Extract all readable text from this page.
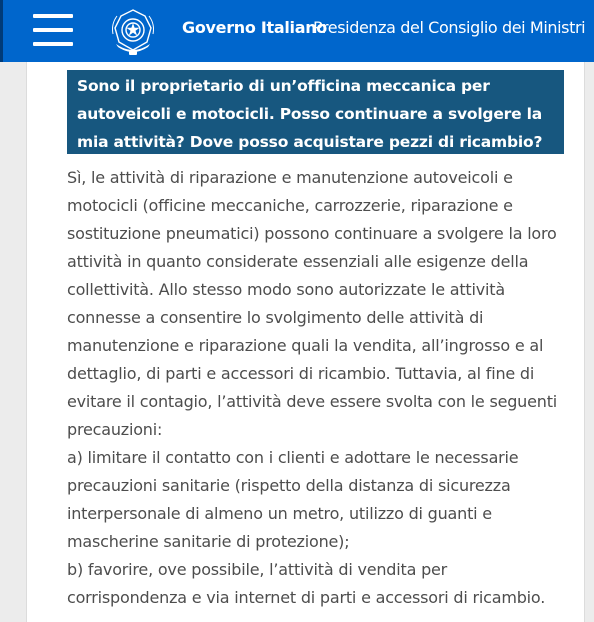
Governo Italiano
Presidenza del Consiglio dei Ministri
Sono il proprietario di un’officina meccanica per autoveicoli e motocicli. Posso continuare a svolgere la mia attività? Dove posso acquistare pezzi di ricambio?

Sì, le attività di riparazione e manutenzione autoveicoli e motocicli (officine meccaniche, carrozzerie, riparazione e sostituzione pneumatici) possono continuare a svolgere la loro attività in quanto considerate essenziali alle esigenze della collettività. Allo stesso modo sono autorizzate le attività connesse a consentire lo svolgimento delle attività di manutenzione e riparazione quali la vendita, all’ingrosso e al dettaglio, di parti e accessori di ricambio. Tuttavia, al fine di evitare il contagio, l’attività deve essere svolta con le seguenti precauzioni:

a) limitare il contatto con i clienti e adottare le necessarie precauzioni sanitarie (rispetto della distanza di sicurezza interpersonale di almeno un metro, utilizzo di guanti e mascherine sanitarie di protezione);

b) favorire, ove possibile, l’attività di vendita per corrispondenza e via internet di parti e accessori di ricambio.
